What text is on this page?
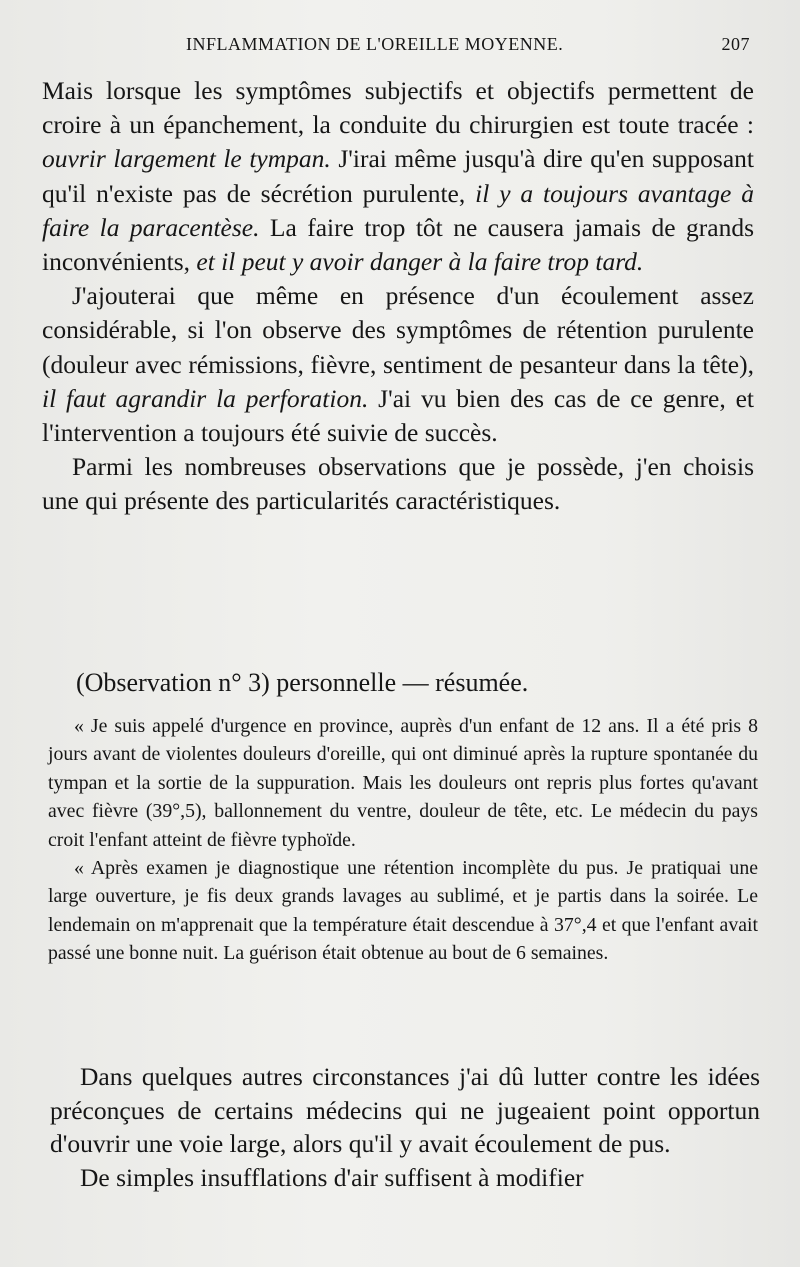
INFLAMMATION DE L'OREILLE MOYENNE.	207

Mais lorsque les symptômes subjectifs et objectifs permettent de croire à un épanchement, la conduite du chirurgien est toute tracée : ouvrir largement le tympan. J'irai même jusqu'à dire qu'en supposant qu'il n'existe pas de sécrétion purulente, il y a toujours avantage à faire la paracentèse. La faire trop tôt ne causera jamais de grands inconvénients, et il peut y avoir danger à la faire trop tard.

J'ajouterai que même en présence d'un écoulement assez considérable, si l'on observe des symptômes de rétention purulente (douleur avec rémissions, fièvre, sentiment de pesanteur dans la tête), il faut agrandir la perforation. J'ai vu bien des cas de ce genre, et l'intervention a toujours été suivie de succès.

Parmi les nombreuses observations que je possède, j'en choisis une qui présente des particularités caractéristiques.

(Observation n° 3) personnelle — résumée.

« Je suis appelé d'urgence en province, auprès d'un enfant de 12 ans. Il a été pris 8 jours avant de violentes douleurs d'oreille, qui ont diminué après la rupture spontanée du tympan et la sortie de la suppuration. Mais les douleurs ont repris plus fortes qu'avant avec fièvre (39°,5), ballonnement du ventre, douleur de tête, etc. Le médecin du pays croit l'enfant atteint de fièvre typhoïde.

« Après examen je diagnostique une rétention incomplète du pus. Je pratiquai une large ouverture, je fis deux grands lavages au sublimé, et je partis dans la soirée. Le lendemain on m'apprenait que la température était descendue à 37°,4 et que l'enfant avait passé une bonne nuit. La guérison était obtenue au bout de 6 semaines.

Dans quelques autres circonstances j'ai dû lutter contre les idées préconçues de certains médecins qui ne jugeaient point opportun d'ouvrir une voie large, alors qu'il y avait écoulement de pus.

De simples insufflations d'air suffisent à modifier
